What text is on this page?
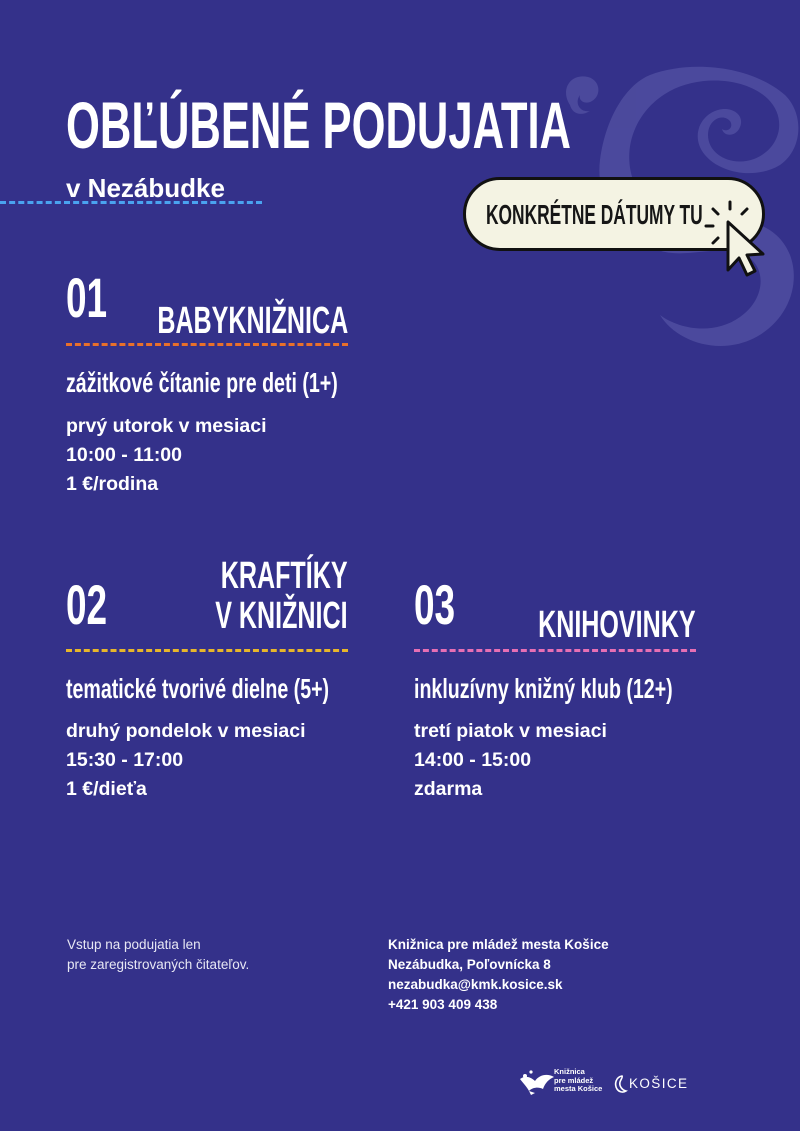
OBĽÚBENÉ PODUJATIA
v Nezábudke
KONKRÉTNE DÁTUMY TU
01 BABYKNIŽNICA
zážitkové čítanie pre deti (1+)
prvý utorok v mesiaci
10:00 - 11:00
1 €/rodina
02	KRAFTÍKY
V KNIŽNICI
tematické tvorivé dielne (5+)
druhý pondelok v mesiaci
15:30 - 17:00
1 €/dieťa
03 KNIHOVINKY
inkluzívny knižný klub (12+)
tretí piatok v mesiaci
14:00 - 15:00
zdarma
Vstup na podujatia len
pre zaregistrovaných čitateľov.
Knižnica pre mládež mesta Košice
Nezábudka, Poľovnícka 8
nezabudka@kmk.kosice.sk
+421 903 409 438
Knižnica
pre mládež
mesta Košice KOŠICE
